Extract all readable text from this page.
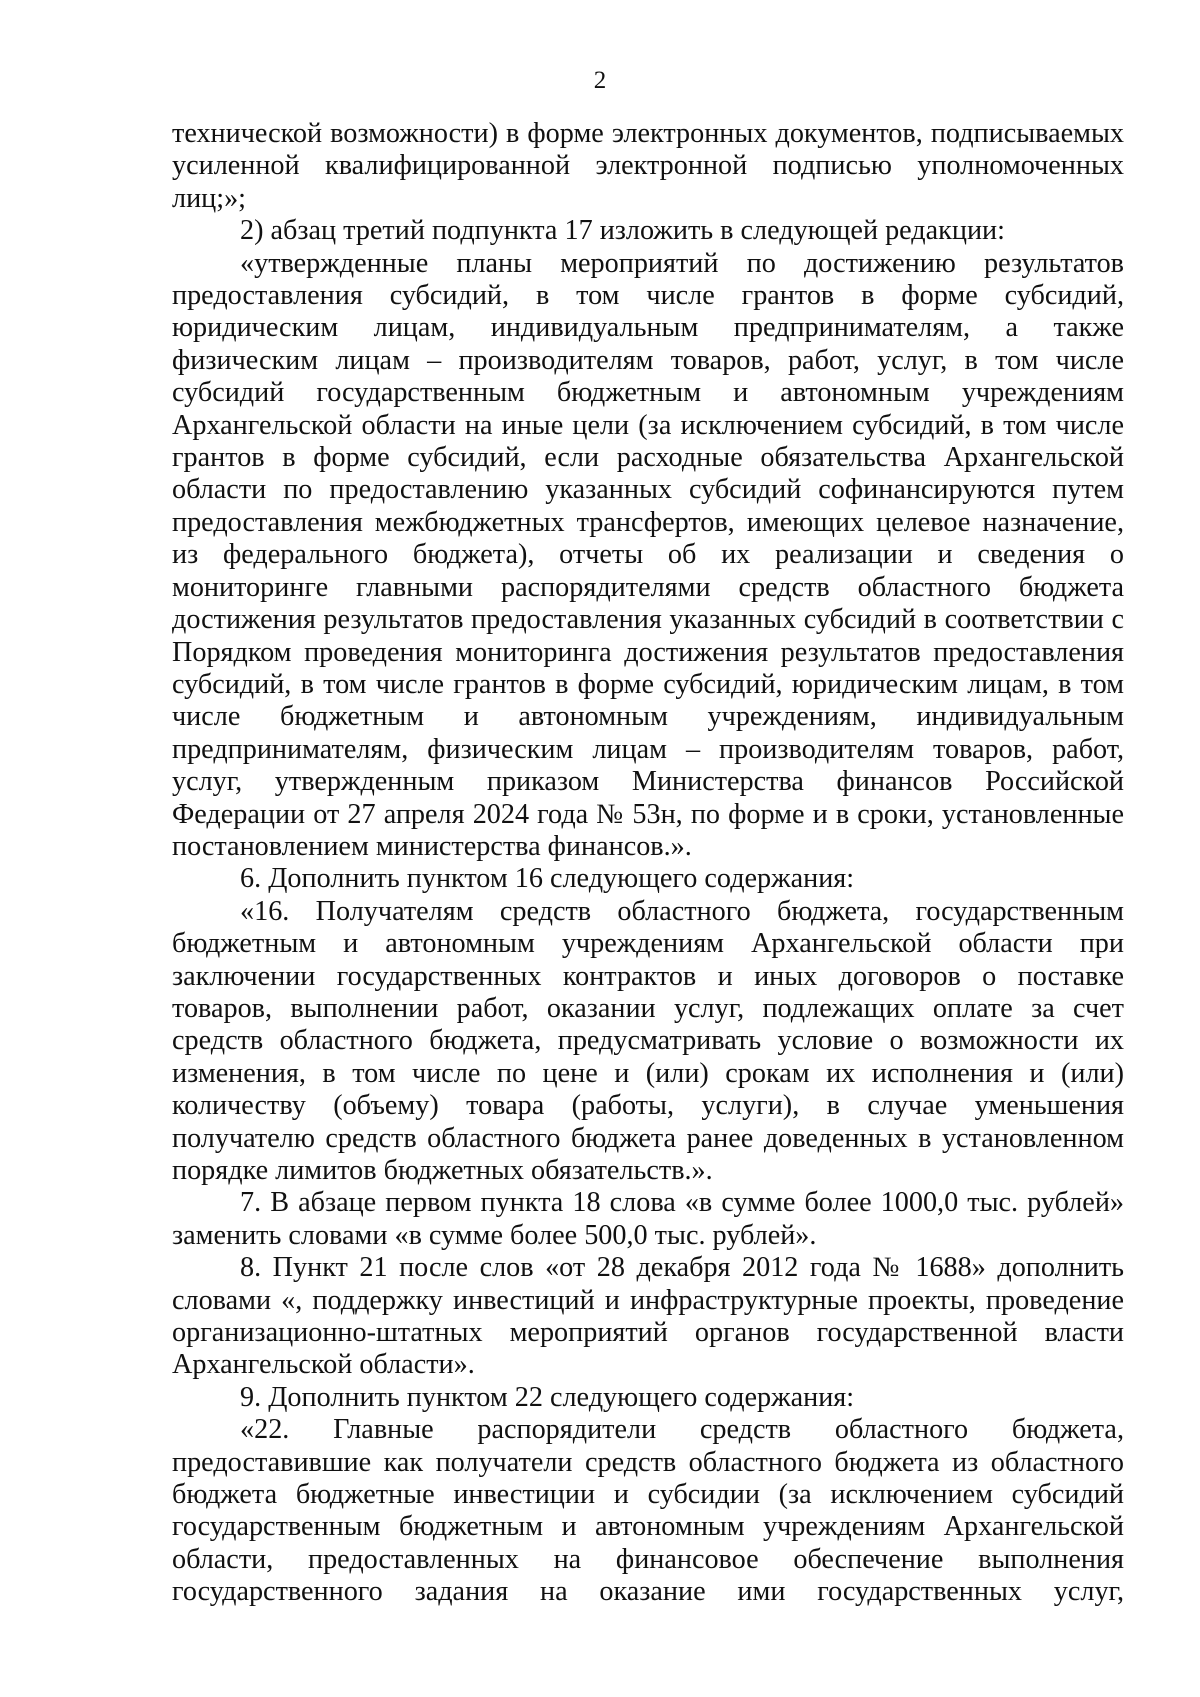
2

технической возможности) в форме электронных документов, подписываемых усиленной квалифицированной электронной подписью уполномоченных лиц;»;

2) абзац третий подпункта 17 изложить в следующей редакции:

«утвержденные планы мероприятий по достижению результатов предоставления субсидий, в том числе грантов в форме субсидий, юридическим лицам, индивидуальным предпринимателям, а также физическим лицам – производителям товаров, работ, услуг, в том числе субсидий государственным бюджетным и автономным учреждениям Архангельской области на иные цели (за исключением субсидий, в том числе грантов в форме субсидий, если расходные обязательства Архангельской области по предоставлению указанных субсидий софинансируются путем предоставления межбюджетных трансфертов, имеющих целевое назначение, из федерального бюджета), отчеты об их реализации и сведения о мониторинге главными распорядителями средств областного бюджета достижения результатов предоставления указанных субсидий в соответствии с Порядком проведения мониторинга достижения результатов предоставления субсидий, в том числе грантов в форме субсидий, юридическим лицам, в том числе бюджетным и автономным учреждениям, индивидуальным предпринимателям, физическим лицам – производителям товаров, работ, услуг, утвержденным приказом Министерства финансов Российской Федерации от 27 апреля 2024 года № 53н, по форме и в сроки, установленные постановлением министерства финансов.».

6. Дополнить пунктом 16 следующего содержания:

«16. Получателям средств областного бюджета, государственным бюджетным и автономным учреждениям Архангельской области при заключении государственных контрактов и иных договоров о поставке товаров, выполнении работ, оказании услуг, подлежащих оплате за счет средств областного бюджета, предусматривать условие о возможности их изменения, в том числе по цене и (или) срокам их исполнения и (или) количеству (объему) товара (работы, услуги), в случае уменьшения получателю средств областного бюджета ранее доведенных в установленном порядке лимитов бюджетных обязательств.».

7. В абзаце первом пункта 18 слова «в сумме более 1000,0 тыс. рублей» заменить словами «в сумме более 500,0 тыс. рублей».

8. Пункт 21 после слов «от 28 декабря 2012 года № 1688» дополнить словами «, поддержку инвестиций и инфраструктурные проекты, проведение организационно-штатных мероприятий органов государственной власти Архангельской области».

9. Дополнить пунктом 22 следующего содержания:

«22. Главные распорядители средств областного бюджета, предоставившие как получатели средств областного бюджета из областного бюджета бюджетные инвестиции и субсидии (за исключением субсидий государственным бюджетным и автономным учреждениям Архангельской области, предоставленных на финансовое обеспечение выполнения государственного задания на оказание ими государственных услуг,
